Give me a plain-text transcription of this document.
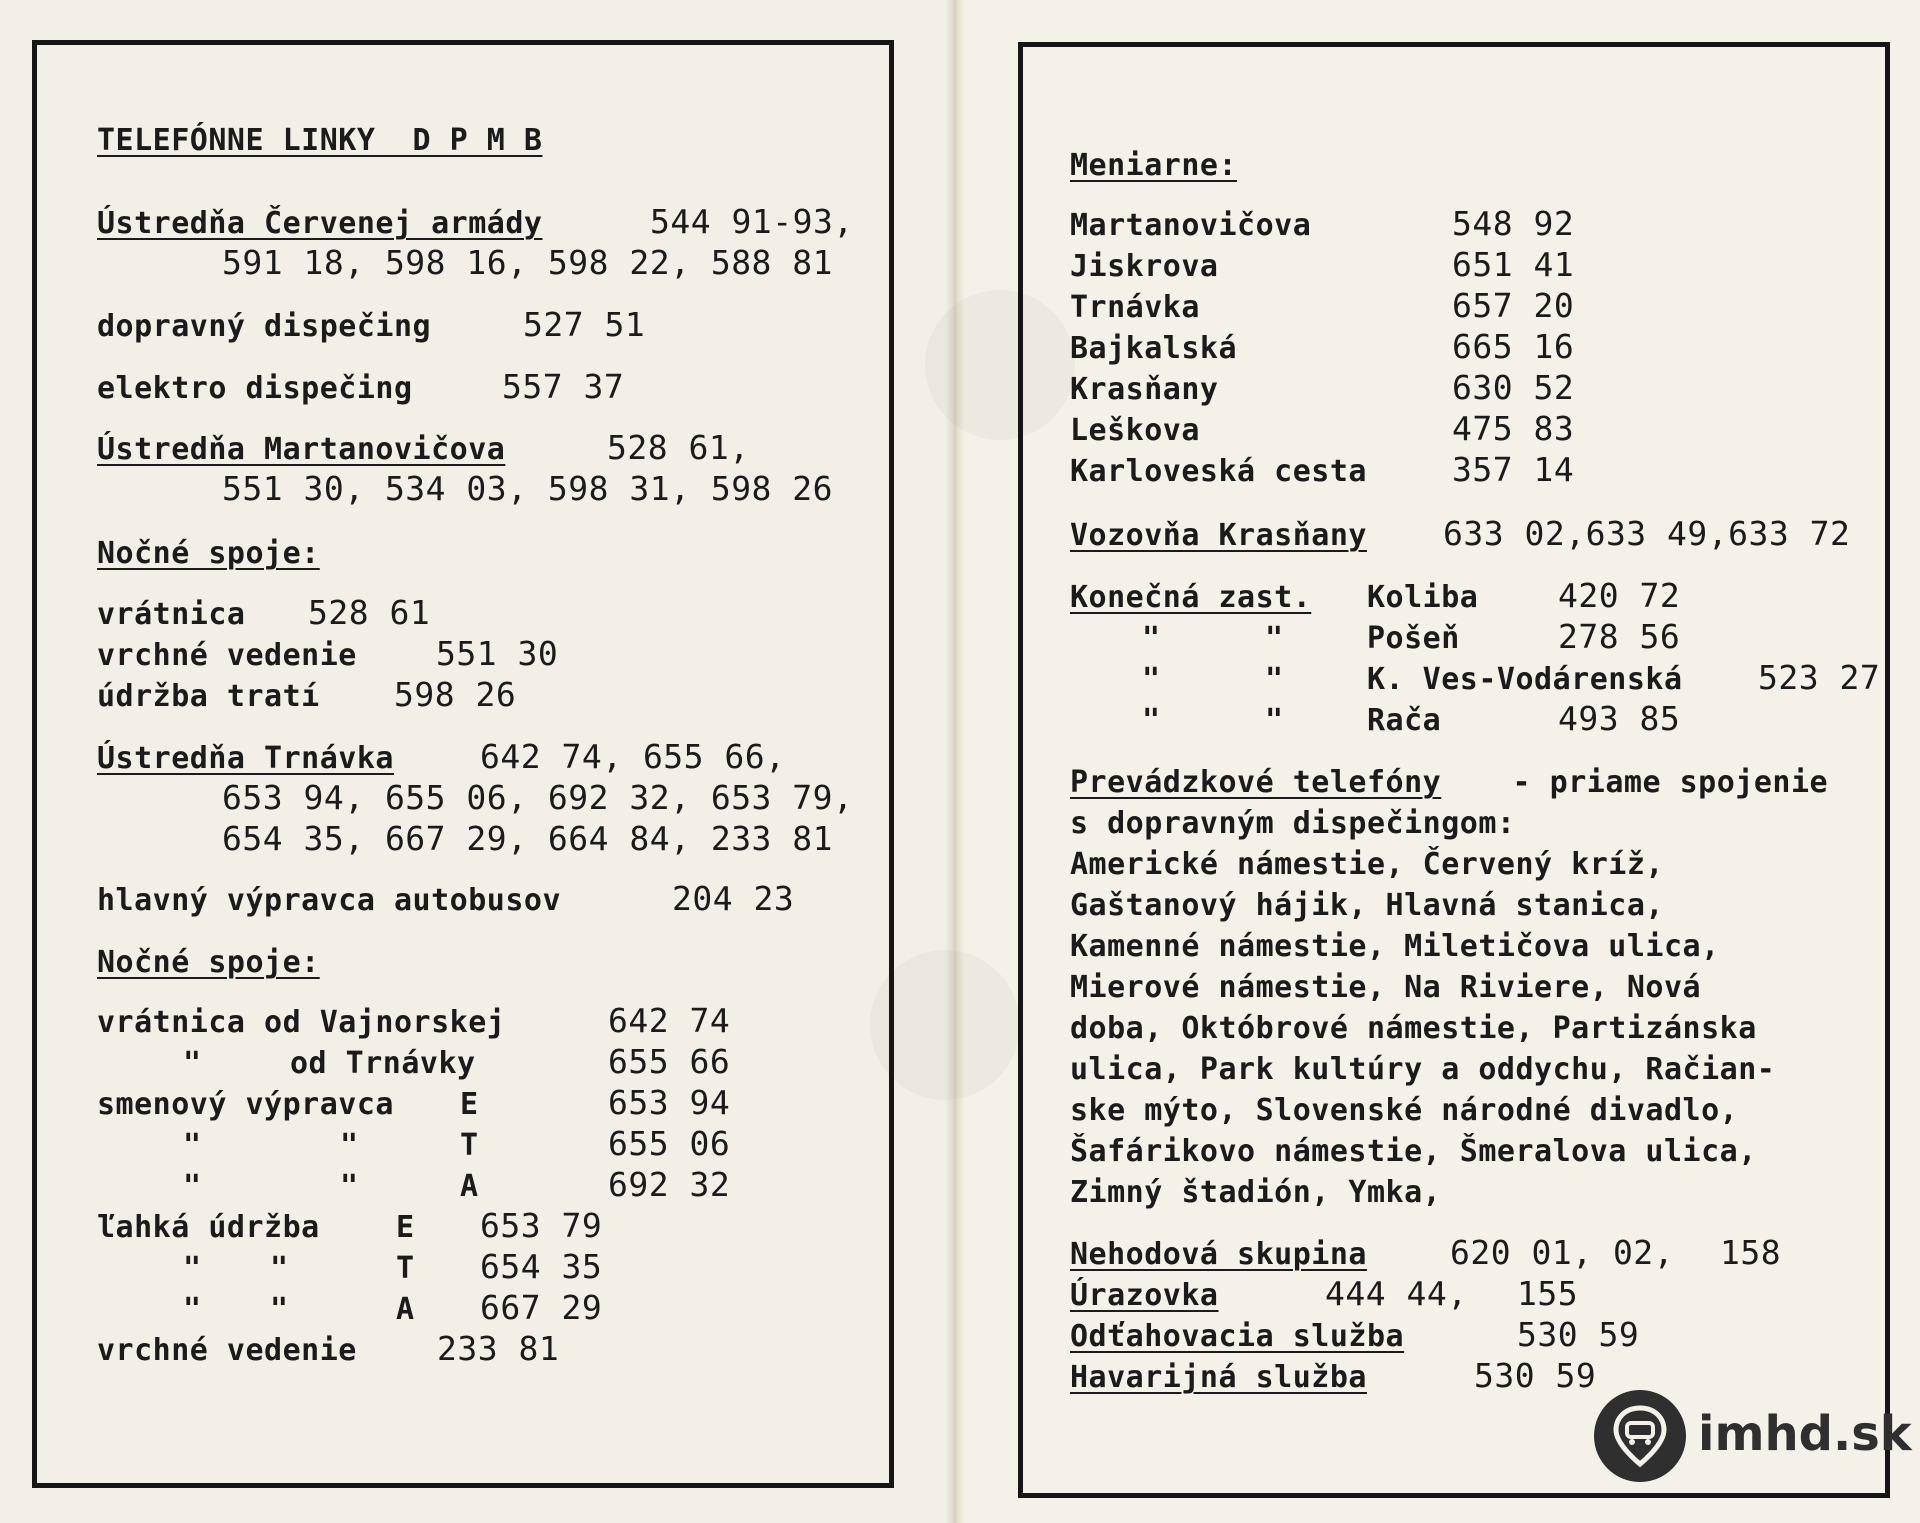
TELEFÓNNE LINKY  D P M B
Ústredňa Červenej armády	544 91-93,
591 18, 598 16, 598 22, 588 81
dopravný dispečing	527 51
elektro dispečing	557 37
Ústredňa Martanovičova	528 61,
551 30, 534 03, 598 31, 598 26
Nočné spoje:
vrátnica 528 61
vrchné vedenie 551 30
údržba tratí 598 26
Ústredňa Trnávka	642 74, 655 66,
653 94, 655 06, 692 32, 653 79,
654 35, 667 29, 664 84, 233 81
hlavný výpravca autobusov	204 23
Nočné spoje:
vrátnica od Vajnorskej	642 74
"	od Trnávky	655 66
smenový výpravca E	653 94
"	"	T	655 06
"	"	A	692 32
ľahká údržba	E 653 79
" "	T 654 35
" "	A 667 29
vrchné vedenie 233 81
Meniarne:
Martanovičova	548 92
Jiskrova	651 41
Trnávka	657 20
Bajkalská	665 16
Krasňany	630 52
Leškova	475 83
Karlovеská cesta	357 14
Vozovňa Krasňany 633 02,633 49,633 72
Konečná zast. Koliba 420 72
"	"	Pošeň	278 56
"	"	K. Ves-Vodárenská 523 27
"	"	Rača	493 85
Prevádzkové telefóny - priame spojenie
s dopravným dispečingom:
Americké námestie, Červený kríž,
Gaštanový hájik, Hlavná stanica,
Kamenné námestie, Miletičova ulica,
Mierové námestie, Na Riviere, Nová
doba, Októbrové námestie, Partizánska
ulica, Park kultúry a oddychu, Račian-
ske mýto, Slovenské národné divadlo,
Šafárikovo námestie, Šmeralova ulica,
Zimný štadión, Ymka,
Nehodová skupina	620 01, 02, 158
Úrazovka	444 44, 155
Odťahovacia služba	530 59
Havarijná služba	530 59
imhd.sk
